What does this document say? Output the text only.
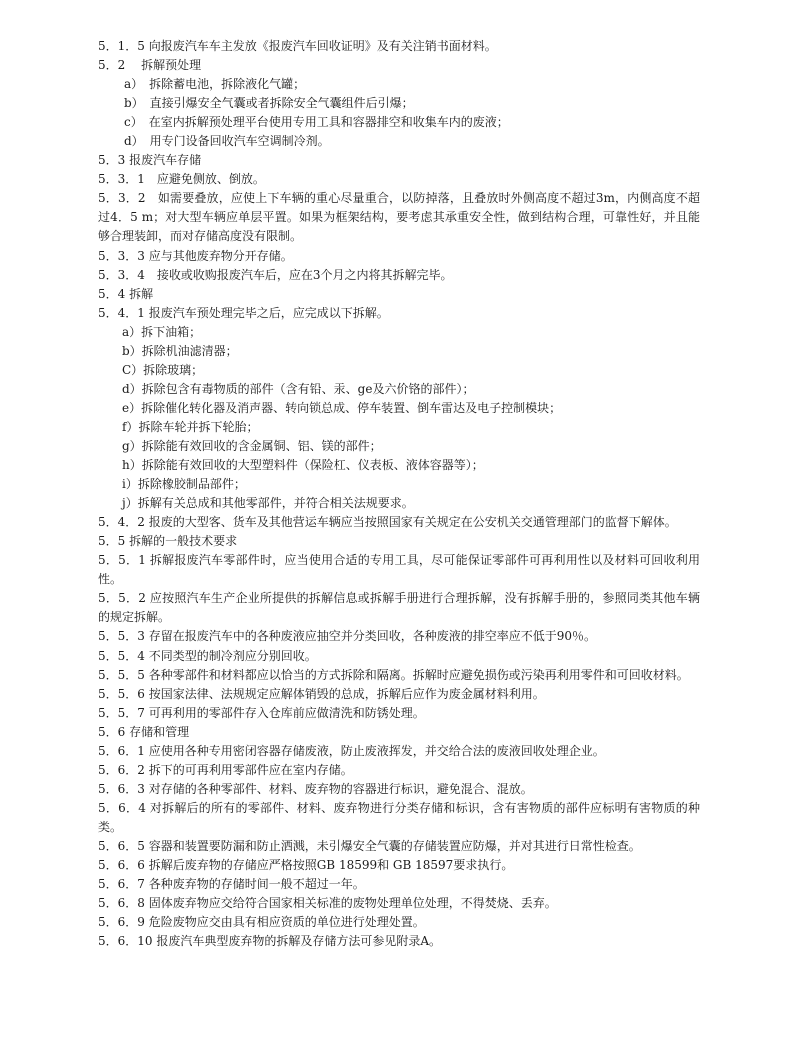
5．1．5 向报废汽车车主发放《报废汽车回收证明》及有关注销书面材料。

5．2　 拆解预处理

a）　拆除蓄电池，拆除液化气罐；

b）　直接引爆安全气囊或者拆除安全气囊组件后引爆；

c）　在室内拆解预处理平台使用专用工具和容器排空和收集车内的废液；

d）　用专门设备回收汽车空调制冷剂。

5．3 报废汽车存储

5．3．1　应避免侧放、倒放。

5．3．2　如需要叠放，应使上下车辆的重心尽量重合，以防掉落，且叠放时外侧高度不超过3m，内侧高度不超过4．5 m；对大型车辆应单层平置。如果为框架结构，要考虑其承重安全性，做到结构合理，可靠性好，并且能够合理装卸，而对存储高度没有限制。

5．3．3 应与其他废弃物分开存储。

5．3．4　接收或收购报废汽车后，应在3个月之内将其拆解完毕。

5．4 拆解

5．4．1 报废汽车预处理完毕之后，应完成以下拆解。

a）拆下油箱；

b）拆除机油滤清器；

C）拆除玻璃；

d）拆除包含有毒物质的部件（含有铅、汞、ge及六价铬的部件）；

e）拆除催化转化器及消声器、转向锁总成、停车装置、倒车雷达及电子控制模块；

f）拆除车轮并拆下轮胎；

g）拆除能有效回收的含金属铜、铝、镁的部件；

h）拆除能有效回收的大型塑料件（保险杠、仪表板、液体容器等）；

i）拆除橡胶制品部件；

j）拆解有关总成和其他零部件，并符合相关法规要求。

5．4．2 报废的大型客、货车及其他营运车辆应当按照国家有关规定在公安机关交通管理部门的监督下解体。

5．5 拆解的一般技术要求

5．5．1 拆解报废汽车零部件时，应当使用合适的专用工具，尽可能保证零部件可再利用性以及材料可回收利用性。

5．5．2 应按照汽车生产企业所提供的拆解信息或拆解手册进行合理拆解，没有拆解手册的，参照同类其他车辆的规定拆解。

5．5．3 存留在报废汽车中的各种废液应抽空并分类回收，各种废液的排空率应不低于90％。

5．5．4 不同类型的制冷剂应分别回收。

5．5．5 各种零部件和材料都应以恰当的方式拆除和隔离。拆解时应避免损伤或污染再利用零件和可回收材料。

5．5．6 按国家法律、法规规定应解体销毁的总成，拆解后应作为废金属材料利用。

5．5．7 可再利用的零部件存入仓库前应做清洗和防锈处理。

5．6 存储和管理

5．6．1 应使用各种专用密闭容器存储废液，防止废液挥发，并交给合法的废液回收处理企业。

5．6．2 拆下的可再利用零部件应在室内存储。

5．6．3 对存储的各种零部件、材料、废弃物的容器进行标识，避免混合、混放。

5．6．4 对拆解后的所有的零部件、材料、废弃物进行分类存储和标识，含有害物质的部件应标明有害物质的种类。

5．6．5 容器和装置要防漏和防止洒溅，未引爆安全气囊的存储装置应防爆，并对其进行日常性检查。

5．6．6 拆解后废弃物的存储应严格按照GB 18599和 GB 18597要求执行。

5．6．7 各种废弃物的存储时间一般不超过一年。

5．6．8 固体废弃物应交给符合国家相关标准的废物处理单位处理，不得焚烧、丢弃。

5．6．9 危险废物应交由具有相应资质的单位进行处理处置。

5．6．10 报废汽车典型废弃物的拆解及存储方法可参见附录A。
